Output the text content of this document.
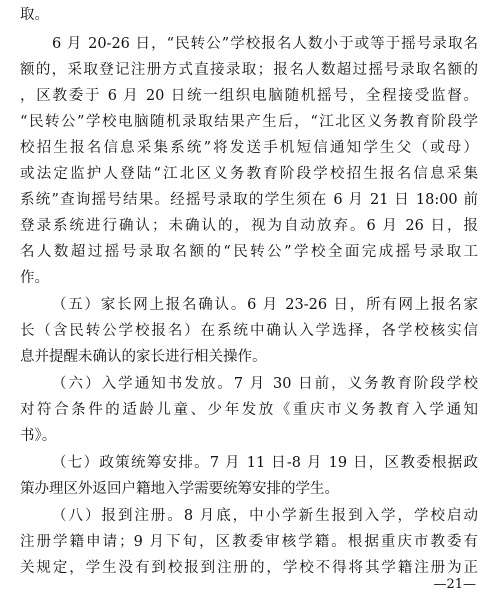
取。
6 月 20-26 日，“民转公”学校报名人数小于或等于摇号录取名
额的，采取登记注册方式直接录取；报名人数超过摇号录取名额的
，区教委于 6 月 20 日统一组织电脑随机摇号，全程接受监督。
“民转公”学校电脑随机录取结果产生后，“江北区义务教育阶段学
校招生报名信息采集系统”将发送手机短信通知学生父（或母）
或法定监护人登陆“江北区义务教育阶段学校招生报名信息采集
系统”查询摇号结果。经摇号录取的学生须在 6 月 21 日 18:00 前
登录系统进行确认；未确认的，视为自动放弃。6 月 26 日，报
名人数超过摇号录取名额的“民转公”学校全面完成摇号录取工
作。
（五）家长网上报名确认。6 月 23-26 日，所有网上报名家
长（含民转公学校报名）在系统中确认入学选择，各学校核实信
息并提醒未确认的家长进行相关操作。
（六）入学通知书发放。7 月 30 日前，义务教育阶段学校
对符合条件的适龄儿童、少年发放《重庆市义务教育入学通知
书》。
（七）政策统筹安排。7 月 11 日-8 月 19 日，区教委根据政
策办理区外返回户籍地入学需要统筹安排的学生。
（八）报到注册。8 月底，中小学新生报到入学，学校启动
注册学籍申请；9 月下旬，区教委审核学籍。根据重庆市教委有
关规定，学生没有到校报到注册的，学校不得将其学籍注册为正
—21—
